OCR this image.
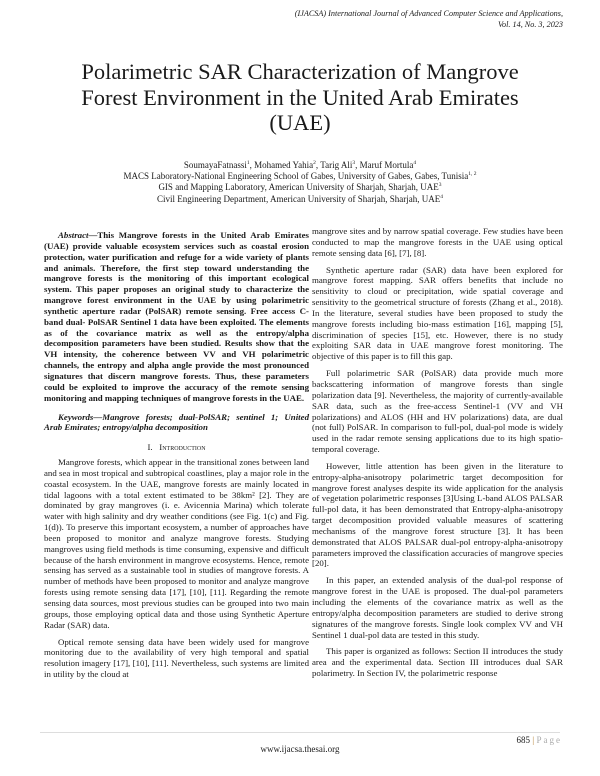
(IJACSA) International Journal of Advanced Computer Science and Applications,
Vol. 14, No. 3, 2023
Polarimetric SAR Characterization of Mangrove
Forest Environment in the United Arab Emirates
(UAE)
SoumayaFatnassi$^1$, Mohamed Yahia$^2$, Tarig Ali$^3$, Maruf Mortula$^4$
MACS Laboratory-National Engineering School of Gabes, University of Gabes, Gabes, Tunisia$^{1, 2}$
GIS and Mapping Laboratory, American University of Sharjah, Sharjah, UAE$^3$
Civil Engineering Department, American University of Sharjah, Sharjah, UAE$^4$

Abstract—This Mangrove forests in the United Arab Emirates (UAE) provide valuable ecosystem services such as coastal erosion protection, water purification and refuge for a wide variety of plants and animals. Therefore, the first step toward understanding the mangrove forests is the monitoring of this important ecological system. This paper proposes an original study to characterize the mangrove forest environment in the UAE by using polarimetric synthetic aperture radar (PolSAR) remote sensing. Free access C-band dual- PolSAR Sentinel 1 data have been exploited. The elements as of the covariance matrix as well as the entropy/alpha decomposition parameters have been studied. Results show that the VH intensity, the coherence between VV and VH polarimetric channels, the entropy and alpha angle provide the most pronounced signatures that discern mangrove forests. Thus, these parameters could be exploited to improve the accuracy of the remote sensing monitoring and mapping techniques of mangrove forests in the UAE.

Keywords—Mangrove forests; dual-PolSAR; sentinel 1; United Arab Emirates; entropy/alpha decomposition

I. Introduction

Mangrove forests, which appear in the transitional zones between land and sea in most tropical and subtropical coastlines, play a major role in the coastal ecosystem. In the UAE, mangrove forests are mainly located in tidal lagoons with a total extent estimated to be 38km² [2]. They are dominated by gray mangroves (i. e. Avicennia Marina) which tolerate water with high salinity and dry weather conditions (see Fig. 1(c) and Fig. 1(d)). To preserve this important ecosystem, a number of approaches have been proposed to monitor and analyze mangrove forests. Studying mangroves using field methods is time consuming, expensive and difficult because of the harsh environment in mangrove ecosystems. Hence, remote sensing has served as a sustainable tool in studies of mangrove forests. A number of methods have been proposed to monitor and analyze mangrove forests using remote sensing data [17], [10], [11]. Regarding the remote sensing data sources, most previous studies can be grouped into two main groups, those employing optical data and those using Synthetic Aperture Radar (SAR) data.

Optical remote sensing data have been widely used for mangrove monitoring due to the availability of very high temporal and spatial resolution imagery [17], [10], [11]. Nevertheless, such systems are limited in utility by the cloud at

mangrove sites and by narrow spatial coverage. Few studies have been conducted to map the mangrove forests in the UAE using optical remote sensing data [6], [7], [8].

Synthetic aperture radar (SAR) data have been explored for mangrove forest mapping. SAR offers benefits that include no sensitivity to cloud or precipitation, wide spatial coverage and sensitivity to the geometrical structure of forests (Zhang et al., 2018). In the literature, several studies have been proposed to study the mangrove forests including bio-mass estimation [16], mapping [5], discrimination of species [15], etc. However, there is no study exploiting SAR data in UAE mangrove forest monitoring. The objective of this paper is to fill this gap.

Full polarimetric SAR (PolSAR) data provide much more backscattering information of mangrove forests than single polarization data [9]. Nevertheless, the majority of currently-available SAR data, such as the free-access Sentinel-1 (VV and VH polarizations) and ALOS (HH and HV polarizations) data, are dual (not full) PolSAR. In comparison to full-pol, dual-pol mode is widely used in the radar remote sensing applications due to its high spatio-temporal coverage.

However, little attention has been given in the literature to entropy-alpha-anisotropy polarimetric target decomposition for mangrove forest analyses despite its wide application for the analysis of vegetation polarimetric responses [3]Using L-band ALOS PALSAR full-pol data, it has been demonstrated that Entropy-alpha-anisotropy target decomposition provided valuable measures of scattering mechanisms of the mangrove forest structure [3]. It has been demonstrated that ALOS PALSAR dual-pol entropy-alpha-anisotropy parameters improved the classification accuracies of mangrove species [20].

In this paper, an extended analysis of the dual-pol response of mangrove forest in the UAE is proposed. The dual-pol parameters including the elements of the covariance matrix as well as the entropy/alpha decomposition parameters are studied to derive strong signatures of the mangrove forests. Single look complex VV and VH Sentinel 1 dual-pol data are tested in this study.

This paper is organized as follows: Section II introduces the study area and the experimental data. Section III introduces dual SAR polarimetry. In Section IV, the polarimetric response

685 | Page
www.ijacsa.thesai.org
